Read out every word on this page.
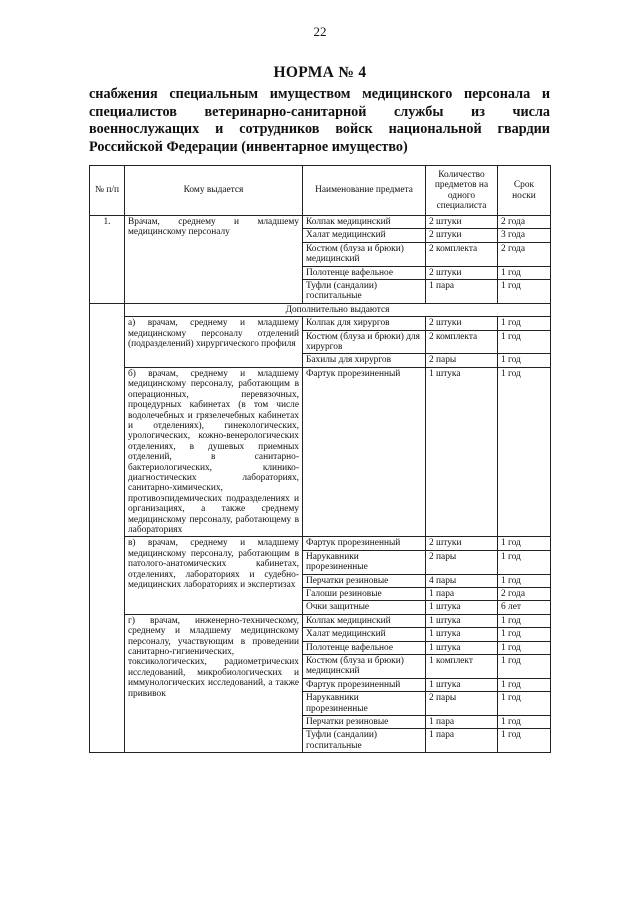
22
НОРМА № 4
снабжения специальным имуществом медицинского персонала и
специалистов ветеринарно-санитарной службы из числа
военнослужащих и сотрудников войск национальной гвардии
Российской Федерации (инвентарное имущество)
№ п/п	Кому выдается	Наименование предмета	Количество предметов на одного специалиста	Срок носки
1.	Врачам, среднему и младшему медицинскому персоналу	Колпак медицинский	2 штуки	2 года
		Халат медицинский	2 штуки	3 года
		Костюм (блуза и брюки) медицинский	2 комплекта	2 года
		Полотенце вафельное	2 штуки	1 год
		Туфли (сандалии) госпитальные	1 пара	1 год
	Дополнительно выдаются			
	а) врачам, среднему и младшему медицинскому персоналу отделений (подразделений) хирургического профиля	Колпак для хирургов	2 штуки	1 год
		Костюм (блуза и брюки) для хирургов	2 комплекта	1 год
		Бахилы для хирургов	2 пары	1 год
	б) врачам, среднему и младшему медицинскому персоналу, работающим в операционных, перевязочных, процедурных кабинетах (в том числе водолечебных и грязелечебных кабинетах и отделениях), гинекологических, урологических, кожно-венерологических отделениях, в душевых приемных отделений, в санитарно-бактериологических, клинико-диагностических лабораториях, санитарно-химических, противоэпидемических подразделениях и организациях, а также среднему медицинскому персоналу, работающему в лабораториях	Фартук прорезиненный	1 штука	1 год
	в) врачам, среднему и младшему медицинскому персоналу, работающим в патолого-анатомических кабинетах, отделениях, лабораториях и судебно-медицинских лабораториях и экспертизах	Фартук прорезиненный	2 штуки	1 год
		Нарукавники прорезиненные	2 пары	1 год
		Перчатки резиновые	4 пары	1 год
		Галоши резиновые	1 пара	2 года
		Очки защитные	1 штука	6 лет
	г) врачам, инженерно-техническому, среднему и младшему медицинскому персоналу, участвующим в проведении санитарно-гигиенических, токсикологических, радиометрических исследований, микробиологических и иммунологических исследований, а также прививок	Колпак медицинский	1 штука	1 год
		Халат медицинский	1 штука	1 год
		Полотенце вафельное	1 штука	1 год
		Костюм (блуза и брюки) медицинский	1 комплект	1 год
		Фартук прорезиненный	1 штука	1 год
		Нарукавники прорезиненные	2 пары	1 год
		Перчатки резиновые	1 пара	1 год
		Туфли (сандалии) госпитальные	1 пара	1 год
